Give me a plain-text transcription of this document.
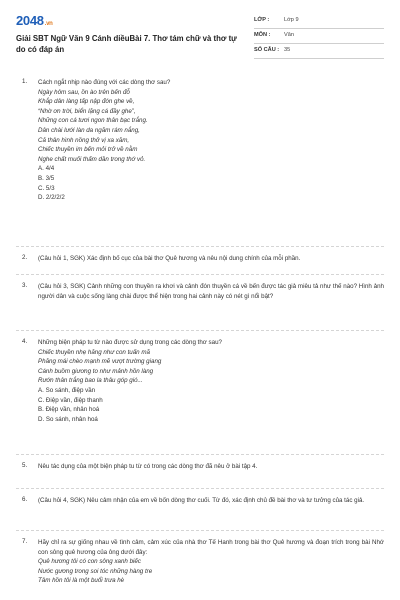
2048.vn
Giải SBT Ngữ Văn 9 Cánh diềuBài 7. Thơ tám chữ và thơ tự do có đáp án
LỚP :	Lớp 9
MÔN : Văn
SỐ CÂU : 35
1. Cách ngắt nhịp nào đúng với các dòng thơ sau?
Ngày hôm sau, ồn ào trên bến đỗ
Khắp dân làng tấp nập đón ghe về,
“Nhờ ơn trời, biển lặng cá đầy ghe”,
Những con cá tươi ngon thân bạc trắng.
Dân chài lưới làn da ngăm rám nắng,
Cả thân hình nồng thở vị xa xăm,
Chiếc thuyền im bến mỏi trở về nằm
Nghe chất muối thấm dần trong thớ vỏ.
A. 4/4
B. 3/5
C. 5/3
D. 2/2/2/2
2. (Câu hỏi 1, SGK) Xác định bố cục của bài thơ Quê hương và nêu nội dung chính của mỗi phần.
3. (Câu hỏi 3, SGK) Cảnh những con thuyền ra khơi và cảnh đón thuyền cá về bến được tác giả miêu tả như thế nào? Hình ảnh người dân và cuộc sống làng chài được thể hiện trong hai cảnh này có nét gì nổi bật?
4. Những biện pháp tu từ nào được sử dụng trong các dòng thơ sau?
Chiếc thuyền nhẹ hăng như con tuấn mã
Phăng mái chèo mạnh mẽ vượt trường giang
Cánh buồm giương to như mảnh hồn làng
Rướn thân trắng bao la thâu góp gió...
A. So sánh, điệp vần
C. Điệp vần, điệp thanh
B. Điệp vần, nhân hoá
D. So sánh, nhân hoá
5. Nêu tác dụng của một biện pháp tu từ có trong các dòng thơ đã nêu ở bài tập 4.
6. (Câu hỏi 4, SGK) Nêu cảm nhận của em về bốn dòng thơ cuối. Từ đó, xác định chủ đề bài thơ và tư tưởng của tác giả.
7. Hãy chỉ ra sự giống nhau về tình cảm, cảm xúc của nhà thơ Tế Hanh trong bài thơ Quê hương và đoạn trích trong bài Nhớ con sông quê hương của ông dưới đây:
Quê hương tôi có con sông xanh biếc
Nước gương trong soi tóc những hàng tre
Tâm hồn tôi là một buổi trưa hè
